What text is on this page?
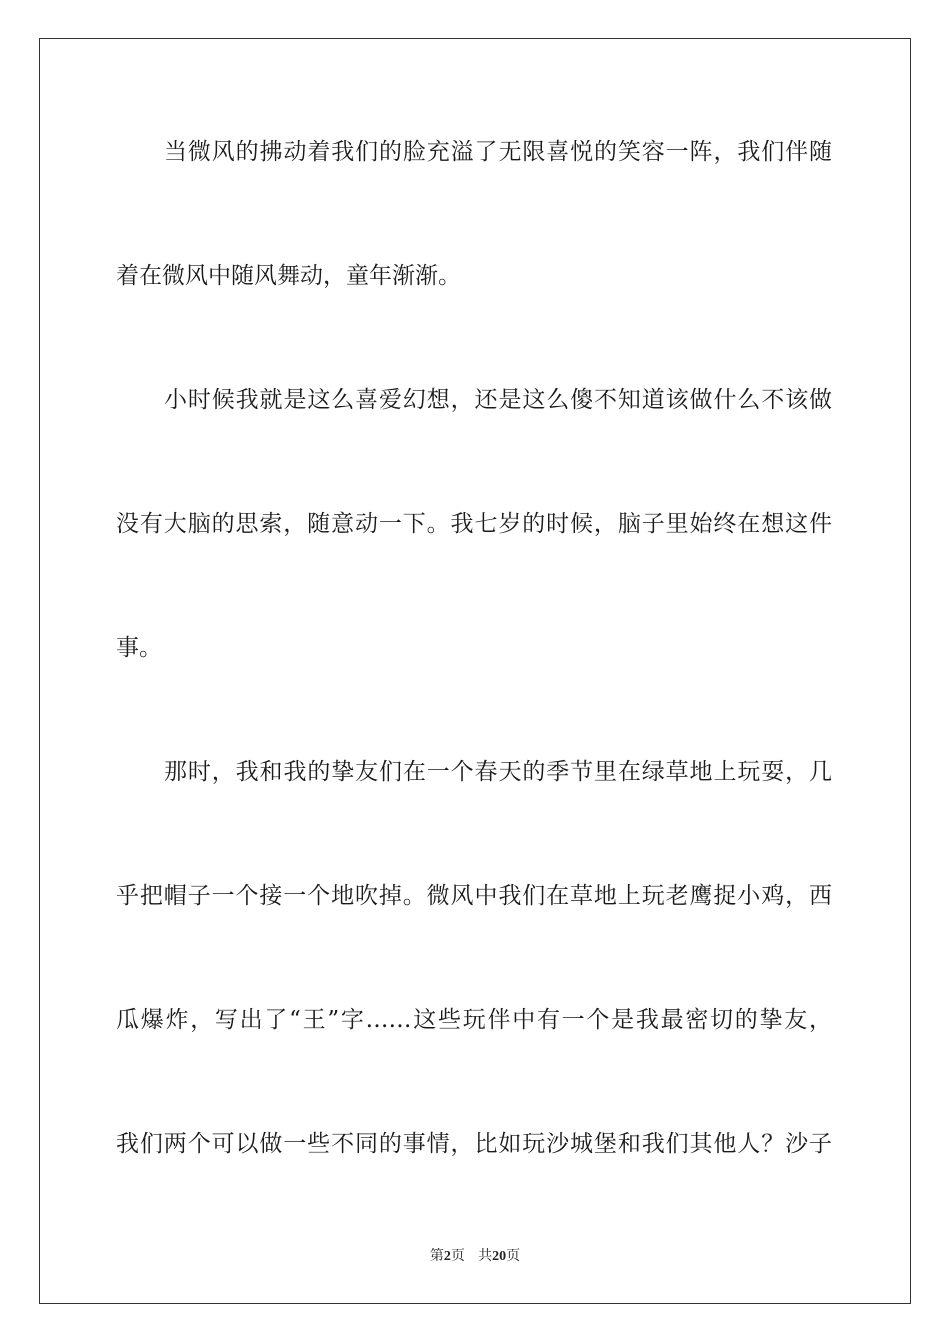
当微风的拂动着我们的脸充溢了无限喜悦的笑容一阵，我们伴随
着在微风中随风舞动，童年渐渐。
小时候我就是这么喜爱幻想，还是这么傻不知道该做什么不该做
没有大脑的思索，随意动一下。我七岁的时候，脑子里始终在想这件
事。
那时，我和我的挚友们在一个春天的季节里在绿草地上玩耍，几
乎把帽子一个接一个地吹掉。微风中我们在草地上玩老鹰捉小鸡，西
瓜爆炸，写出了“王”字……这些玩伴中有一个是我最密切的挚友，
我们两个可以做一些不同的事情，比如玩沙城堡和我们其他人？沙子
第2页 共20页
